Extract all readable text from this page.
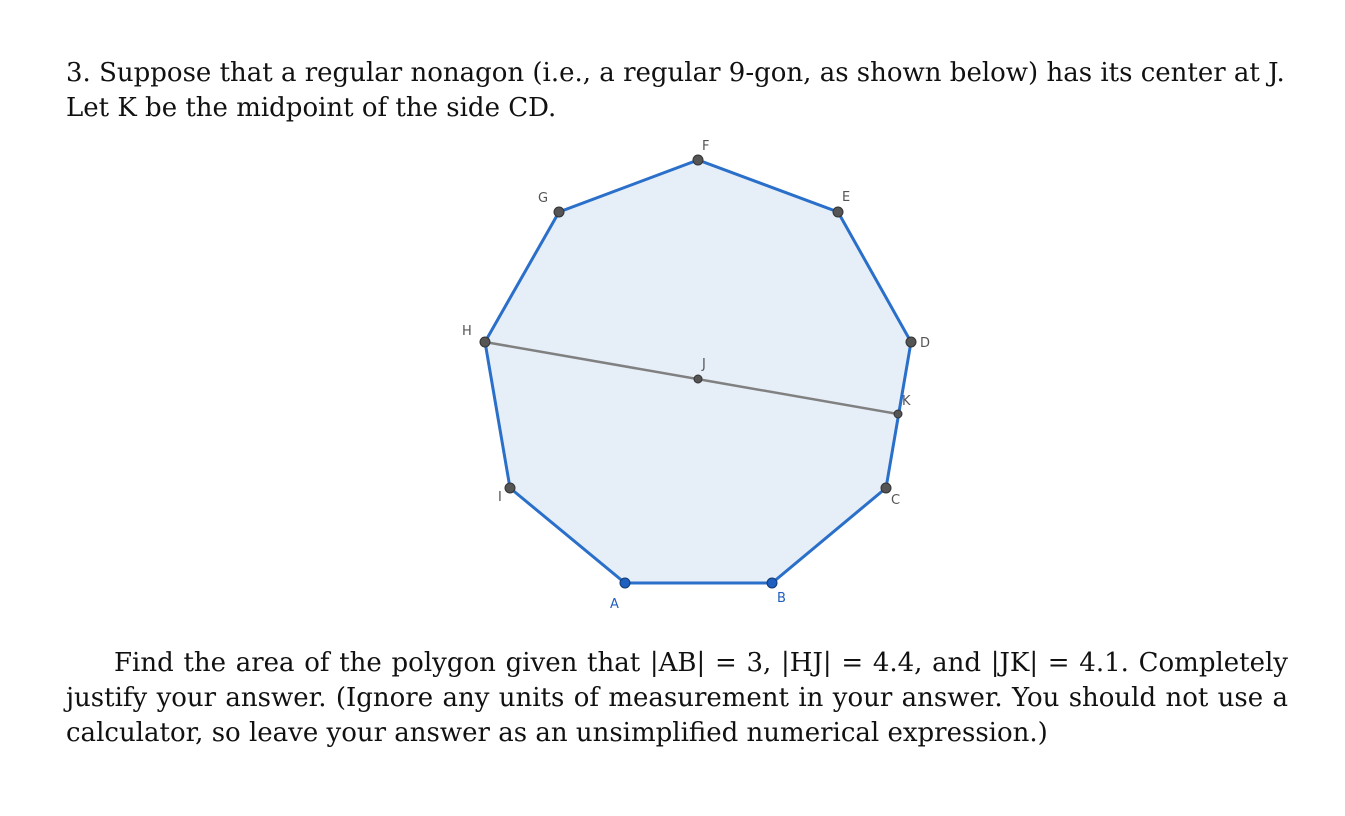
3. Suppose that a regular nonagon (i.e., a regular 9-gon, as shown below) has its center at J. Let K be the midpoint of the side CD.

A	B
C
D
E
F
G
H
I
J
K

Find the area of the polygon given that |AB| = 3, |HJ| = 4.4, and |JK| = 4.1. Completely justify your answer. (Ignore any units of measurement in your answer. You should not use a calculator, so leave your answer as an unsimplified numerical expression.)
